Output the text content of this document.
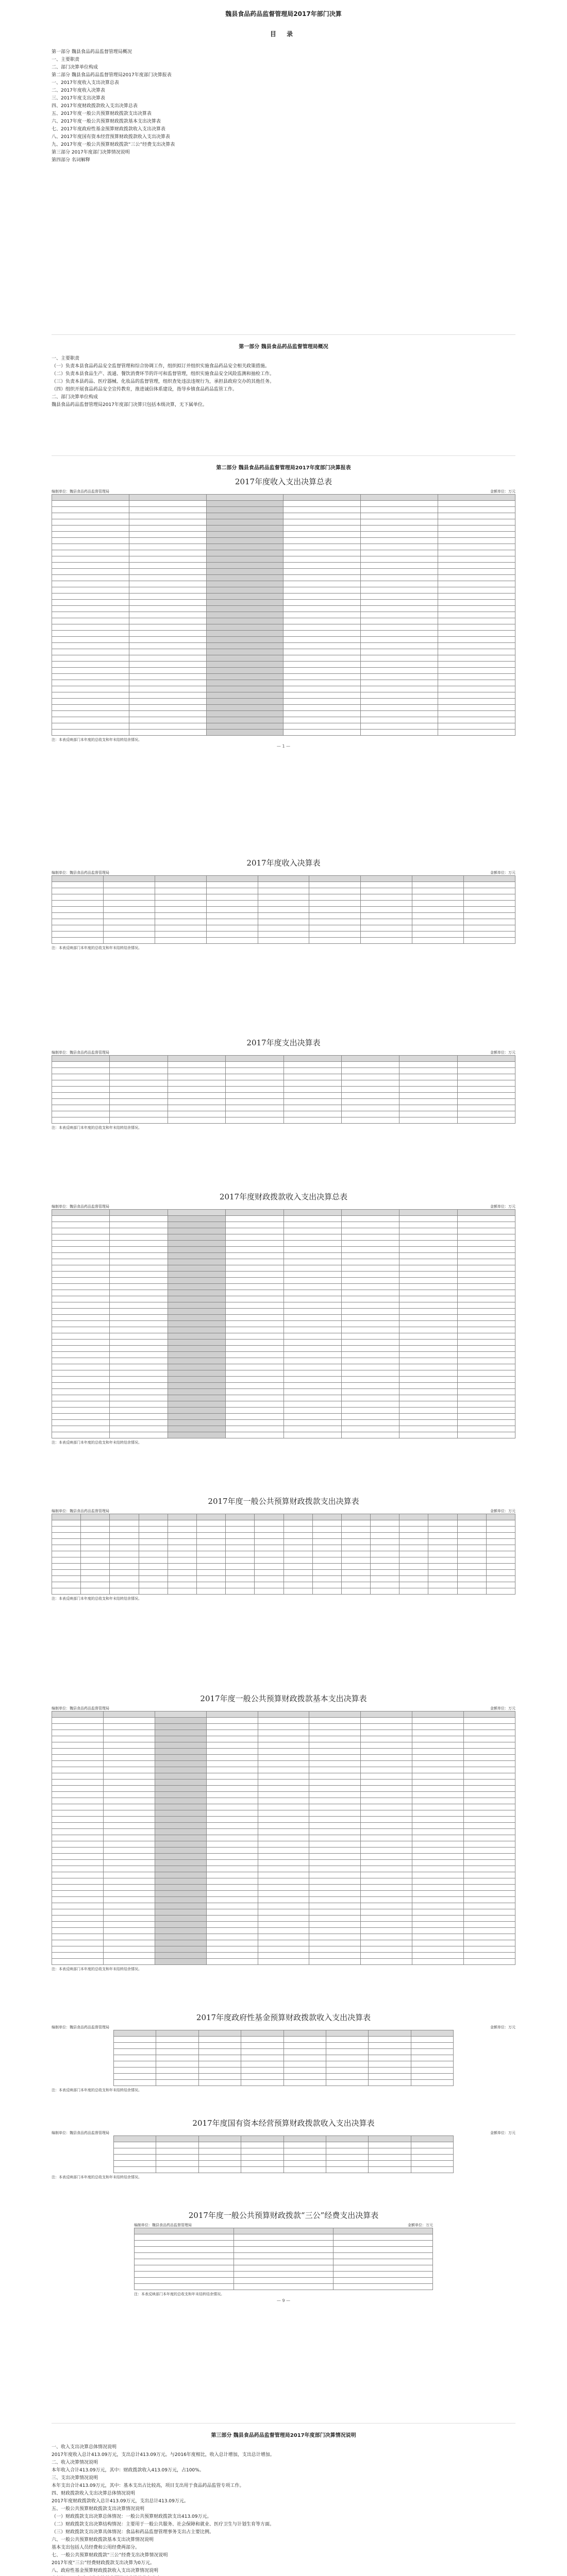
魏县食品药品监督管理局2017年部门决算
目 录
第一部分 魏县食品药品监督管理局概况
一、主要职责
二、部门决算单位构成
第二部分 魏县食品药品监督管理局2017年度部门决算报表
一、2017年度收入支出决算总表
二、2017年度收入决算表
三、2017年度支出决算表
四、2017年度财政拨款收入支出决算总表
五、2017年度一般公共预算财政拨款支出决算表
六、2017年度一般公共预算财政拨款基本支出决算表
七、2017年度政府性基金预算财政拨款收入支出决算表
八、2017年度国有资本经营预算财政拨款收入支出决算表
九、2017年度一般公共预算财政拨款“三公”经费支出决算表
第三部分 2017年度部门决算情况说明
第四部分 名词解释
第一部分 魏县食品药品监督管理局概况
一、主要职责
（一）负责本县食品药品安全监督管理和综合协调工作，组织拟订并组织实施食品药品安全相关政策措施。
（二）负责本县食品生产、流通、餐饮消费环节的许可和监督管理，组织实施食品安全风险监测和抽检工作。
（三）负责本县药品、医疗器械、化妆品的监督管理，组织查处违法违规行为，承担县政府交办的其他任务。
（四）组织开展食品药品安全宣传教育，推进诚信体系建设，指导乡镇食品药品监管工作。
二、部门决算单位构成
魏县食品药品监督管理局2017年度部门决算只包括本级决算，无下属单位。
第二部分 魏县食品药品监督管理局2017年度部门决算报表
2017年度收入支出决算总表
编制单位：魏县食品药品监督管理局	金额单位：万元

注：本表反映部门本年度的总收支和年末结转结余情况。
— 1 —
2017年度收入决算表
编制单位：魏县食品药品监督管理局	金额单位：万元

注：本表反映部门本年度的总收支和年末结转结余情况。
2017年度支出决算表
编制单位：魏县食品药品监督管理局	金额单位：万元

注：本表反映部门本年度的总收支和年末结转结余情况。
2017年度财政拨款收入支出决算总表
编制单位：魏县食品药品监督管理局	金额单位：万元

注：本表反映部门本年度的总收支和年末结转结余情况。
2017年度一般公共预算财政拨款支出决算表
编制单位：魏县食品药品监督管理局	金额单位：万元

注：本表反映部门本年度的总收支和年末结转结余情况。
2017年度一般公共预算财政拨款基本支出决算表
编制单位：魏县食品药品监督管理局	金额单位：万元

注：本表反映部门本年度的总收支和年末结转结余情况。
2017年度政府性基金预算财政拨款收入支出决算表
编制单位：魏县食品药品监督管理局	金额单位：万元

注：本表反映部门本年度的总收支和年末结转结余情况。
2017年度国有资本经营预算财政拨款收入支出决算表
编制单位：魏县食品药品监督管理局	金额单位：万元

注：本表反映部门本年度的总收支和年末结转结余情况。
2017年度一般公共预算财政拨款“三公”经费支出决算表
编制单位：魏县食品药品监督管理局	金额单位：万元

注：本表反映部门本年度的总收支和年末结转结余情况。
— 9 —
第三部分 魏县食品药品监督管理局2017年度部门决算情况说明
一、收入支出决算总体情况说明
2017年度收入总计413.09万元，支出总计413.09万元。与2016年度相比，收入总计增加，支出总计增加。
二、收入决算情况说明
本年收入合计413.09万元，其中：财政拨款收入413.09万元，占100%。
三、支出决算情况说明
本年支出合计413.09万元，其中：基本支出占比较高，项目支出用于食品药品监管专项工作。
四、财政拨款收入支出决算总体情况说明
2017年度财政拨款收入总计413.09万元，支出总计413.09万元。
五、一般公共预算财政拨款支出决算情况说明
（一）财政拨款支出决算总体情况：一般公共预算财政拨款支出413.09万元。
（二）财政拨款支出决算结构情况：主要用于一般公共服务、社会保障和就业、医疗卫生与计划生育等方面。
（三）财政拨款支出决算具体情况：食品和药品监督管理事务支出占主要比例。
六、一般公共预算财政拨款基本支出决算情况说明
基本支出包括人员经费和公用经费两部分。
七、一般公共预算财政拨款“三公”经费支出决算情况说明
2017年度“三公”经费财政拨款支出决算为0万元。
八、政府性基金预算财政拨款收入支出决算情况说明
